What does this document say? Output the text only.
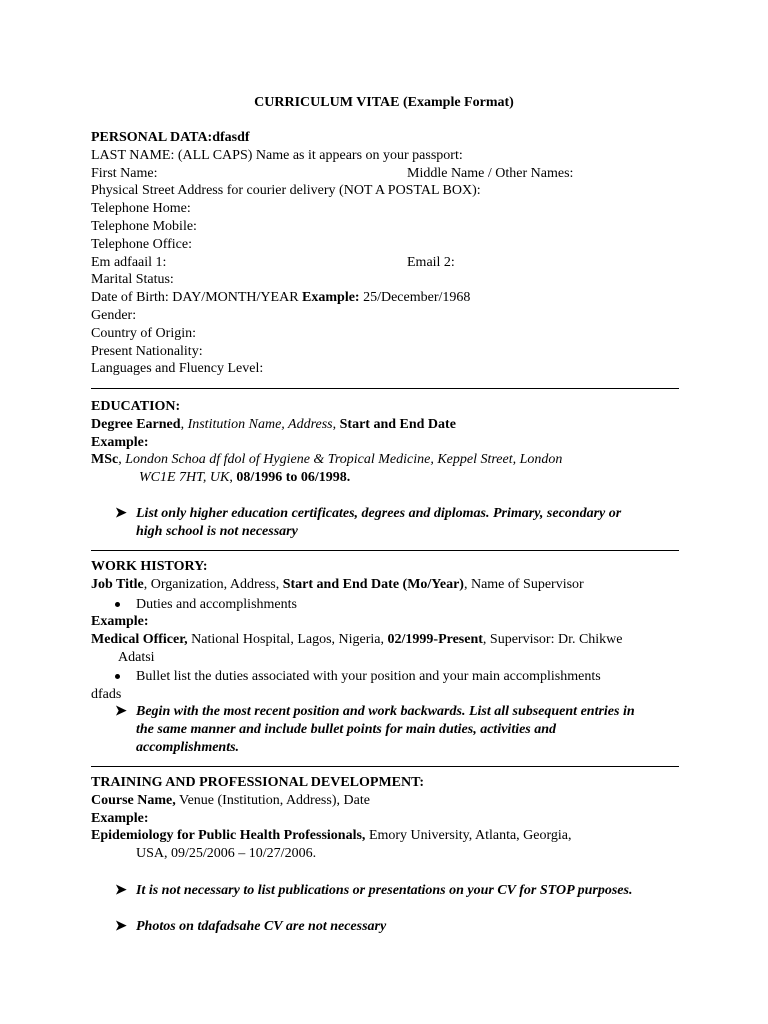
CURRICULUM VITAE (Example Format)
PERSONAL DATA:dfasdf
LAST NAME: (ALL CAPS) Name as it appears on your passport:
First Name:	Middle Name / Other Names:
Physical Street Address for courier delivery (NOT A POSTAL BOX):
Telephone Home:
Telephone Mobile:
Telephone Office:
Em adfaail 1:	Email 2:
Marital Status:
Date of Birth: DAY/MONTH/YEAR Example: 25/December/1968
Gender:
Country of Origin:
Present Nationality:
Languages and Fluency Level:
EDUCATION:
Degree Earned, Institution Name, Address, Start and End Date
Example:
MSc, London Schoa df fdol of Hygiene & Tropical Medicine, Keppel Street, London
WC1E 7HT, UK, 08/1996 to 06/1998.
➤ List only higher education certificates, degrees and diplomas. Primary, secondary or
high school is not necessary
WORK HISTORY:
Job Title, Organization, Address, Start and End Date (Mo/Year), Name of Supervisor
Duties and accomplishments
Example:
Medical Officer, National Hospital, Lagos, Nigeria, 02/1999-Present, Supervisor: Dr. Chikwe
Adatsi
Bullet list the duties associated with your position and your main accomplishments
dfads
➤ Begin with the most recent position and work backwards. List all subsequent entries in
the same manner and include bullet points for main duties, activities and
accomplishments.
TRAINING AND PROFESSIONAL DEVELOPMENT:
Course Name, Venue (Institution, Address), Date
Example:
Epidemiology for Public Health Professionals, Emory University, Atlanta, Georgia,
USA, 09/25/2006 – 10/27/2006.
➤ It is not necessary to list publications or presentations on your CV for STOP purposes.
➤ Photos on tdafadsahe CV are not necessary
